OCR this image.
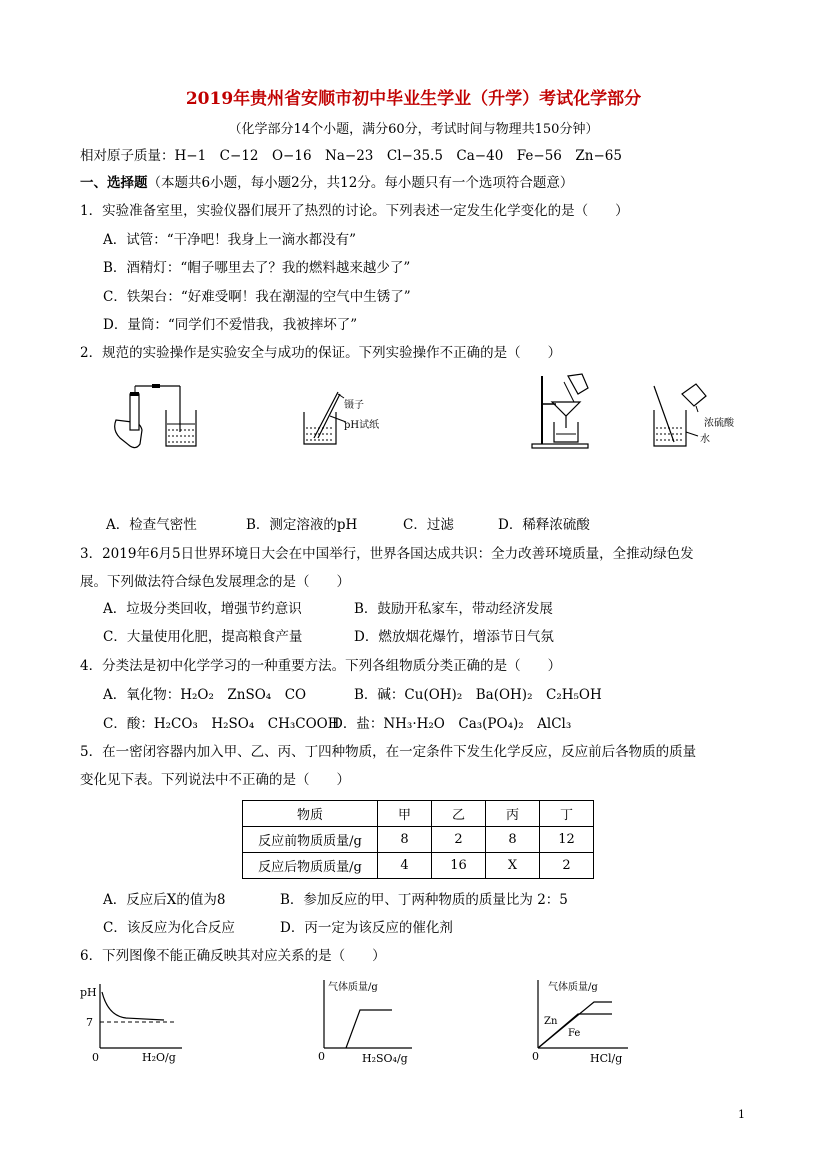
2019年贵州省安顺市初中毕业生学业（升学）考试化学部分
（化学部分14个小题，满分60分，考试时间与物理共150分钟）
相对原子质量：H−1　C−12　O−16　Na−23　Cl−35.5　Ca−40　Fe−56　Zn−65
一、选择题（本题共6小题，每小题2分，共12分。每小题只有一个选项符合题意）
1．实验准备室里，实验仪器们展开了热烈的讨论。下列表述一定发生化学变化的是（　　）
A．试管：“干净吧！我身上一滴水都没有”
B．酒精灯：“帽子哪里去了？我的燃料越来越少了”
C．铁架台：“好难受啊！我在潮湿的空气中生锈了”
D．量筒：“同学们不爱惜我，我被摔坏了”
2．规范的实验操作是实验安全与成功的保证。下列实验操作不正确的是（　　）
镊子
pH试纸	浓硫酸
水
A．检查气密性	B．测定溶液的pH	C．过滤	D．稀释浓硫酸
3．2019年6月5日世界环境日大会在中国举行，世界各国达成共识：全力改善环境质量，全推动绿色发
展。下列做法符合绿色发展理念的是（　　）
A．垃圾分类回收，增强节约意识	B．鼓励开私家车，带动经济发展
C．大量使用化肥，提高粮食产量	D．燃放烟花爆竹，增添节日气氛
4．分类法是初中化学学习的一种重要方法。下列各组物质分类正确的是（　　）
A．氧化物：H₂O₂　ZnSO₄　CO	B．碱：Cu(OH)₂　Ba(OH)₂　C₂H₅OH
C．酸：H₂CO₃　H₂SO₄　CH₃COOH
D．盐：NH₃·H₂O　Ca₃(PO₄)₂　AlCl₃
5．在一密闭容器内加入甲、乙、丙、丁四种物质，在一定条件下发生化学反应，反应前后各物质的质量
变化见下表。下列说法中不正确的是（　　）
物质	甲	乙	丙	丁
反应前物质质量/g	8	2	8	12
反应后物质质量/g	4	16	X	2
A．反应后X的值为8	B．参加反应的甲、丁两种物质的质量比为 2：5
C．该反应为化合反应	D．丙一定为该反应的催化剂
6．下列图像不能正确反映其对应关系的是（　　）
pH
7
0	H₂O/g
气体质量/g
0	H₂SO₄/g
气体质量/g
Zn
Fe
0	HCl/g
1
